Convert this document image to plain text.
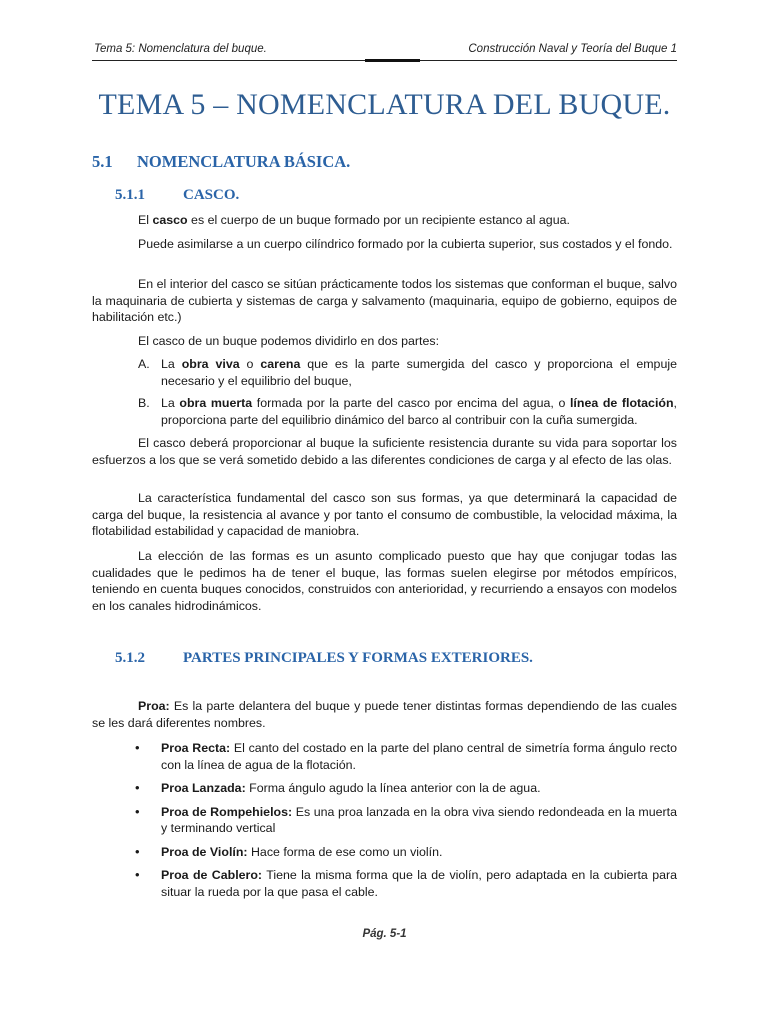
Tema 5: Nomenclatura del buque.	Construcción Naval y Teoría del Buque 1
TEMA 5 – NOMENCLATURA DEL BUQUE.
5.1 NOMENCLATURA BÁSICA.
5.1.1	CASCO.
El casco es el cuerpo de un buque formado por un recipiente estanco al agua.
Puede asimilarse a un cuerpo cilíndrico formado por la cubierta superior, sus costados y el fondo.
En el interior del casco se sitúan prácticamente todos los sistemas que conforman el buque, salvo la maquinaria de cubierta y sistemas de carga y salvamento (maquinaria, equipo de gobierno, equipos de habilitación etc.)
El casco de un buque podemos dividirlo en dos partes:
A. La obra viva o carena que es la parte sumergida del casco y proporciona el empuje necesario y el equilibrio del buque,
B. La obra muerta formada por la parte del casco por encima del agua, o línea de flotación, proporciona parte del equilibrio dinámico del barco al contribuir con la cuña sumergida.
El casco deberá proporcionar al buque la suficiente resistencia durante su vida para soportar los esfuerzos a los que se verá sometido debido a las diferentes condiciones de carga y al efecto de las olas.
La característica fundamental del casco son sus formas, ya que determinará la capacidad de carga del buque, la resistencia al avance y por tanto el consumo de combustible, la velocidad máxima, la flotabilidad estabilidad y capacidad de maniobra.
La elección de las formas es un asunto complicado puesto que hay que conjugar todas las cualidades que le pedimos ha de tener el buque, las formas suelen elegirse por métodos empíricos, teniendo en cuenta buques conocidos, construidos con anterioridad, y recurriendo a ensayos con modelos en los canales hidrodinámicos.
5.1.2	PARTES PRINCIPALES Y FORMAS EXTERIORES.
Proa: Es la parte delantera del buque y puede tener distintas formas dependiendo de las cuales se les dará diferentes nombres.
• Proa Recta: El canto del costado en la parte del plano central de simetría forma ángulo recto con la línea de agua de la flotación.
• Proa Lanzada: Forma ángulo agudo la línea anterior con la de agua.
• Proa de Rompehielos: Es una proa lanzada en la obra viva siendo redondeada en la muerta y terminando vertical
• Proa de Violín: Hace forma de ese como un violín.
• Proa de Cablero: Tiene la misma forma que la de violín, pero adaptada en la cubierta para situar la rueda por la que pasa el cable.
Pág. 5-1
